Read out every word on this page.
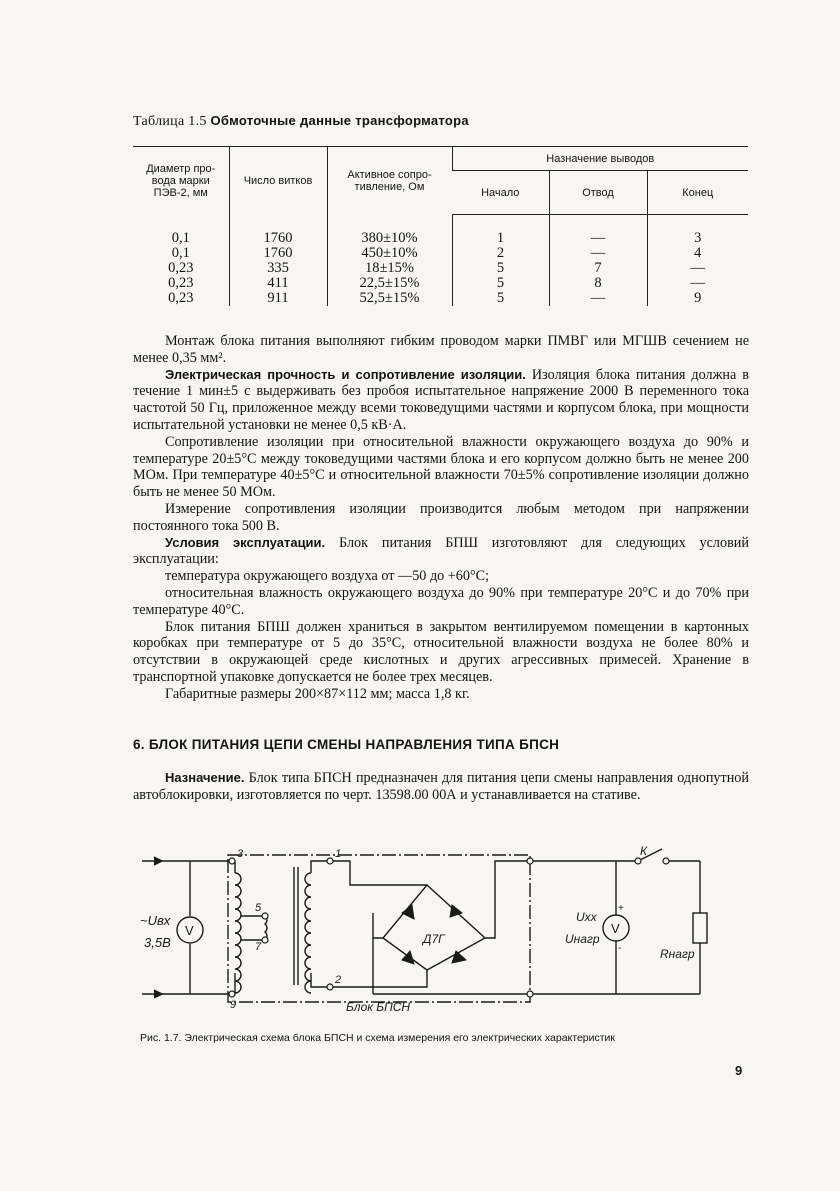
Таблица 1.5 Обмоточные данные трансформатора
Диаметр про-вода марки ПЭВ-2, мм	Число витков	Активное сопро-тивление, Ом	Назначение выводов		
			Начало	Отвод	Конец

0,1	1760	380±10%	1	—	3
0,1	1760	450±10%	2	—	4
0,23	335	18±15%	5	7	—
0,23	411	22,5±15%	5	8	—
0,23	911	52,5±15%	5	—	9

Монтаж блока питания выполняют гибким проводом марки ПМВГ или МГШВ сечением не менее 0,35 мм².

Электрическая прочность и сопротивление изоляции. Изоляция блока питания должна в течение 1 мин±5 с выдерживать без пробоя испытательное напряжение 2000 В переменного тока частотой 50 Гц, приложенное между всеми токоведущими частями и корпусом блока, при мощности испытательной установки не менее 0,5 кВ·А.

Сопротивление изоляции при относительной влажности окружающего воздуха до 90% и температуре 20±5°С между токоведущими частями блока и его корпусом должно быть не менее 200 МОм. При температуре 40±5°С и относительной влажности 70±5% сопротивление изоляции должно быть не менее 50 МОм.

Измерение сопротивления изоляции производится любым методом при напряжении постоянного тока 500 В.

Условия эксплуатации. Блок питания БПШ изготовляют для следующих условий эксплуатации:

температура окружающего воздуха от —50 до +60°С;

относительная влажность окружающего воздуха до 90% при температуре 20°С и до 70% при температуре 40°С.

Блок питания БПШ должен храниться в закрытом вентилируемом помещении в картонных коробках при температуре от 5 до 35°С, относительной влажности воздуха не более 80% и отсутствии в окружающей среде кислотных и других агрессивных примесей. Хранение в транспортной упаковке допускается не более трех месяцев.

Габаритные размеры 200×87×112 мм; масса 1,8 кг.

6. БЛОК ПИТАНИЯ ЦЕПИ СМЕНЫ НАПРАВЛЕНИЯ ТИПА БПСН

Назначение. Блок типа БПСН предназначен для питания цепи смены направления однопутной автоблокировки, изготовляется по черт. 13598.00 00А и устанавливается на стативе.

~Uвх
3,5В
V
3	1
5
7
2
9
Д7Г
Блок БПСН
К
Uxx
Uнагр
Rнагр
V
+
-
Рис. 1.7. Электрическая схема блока БПСН и схема измерения его электрических характеристик
9
